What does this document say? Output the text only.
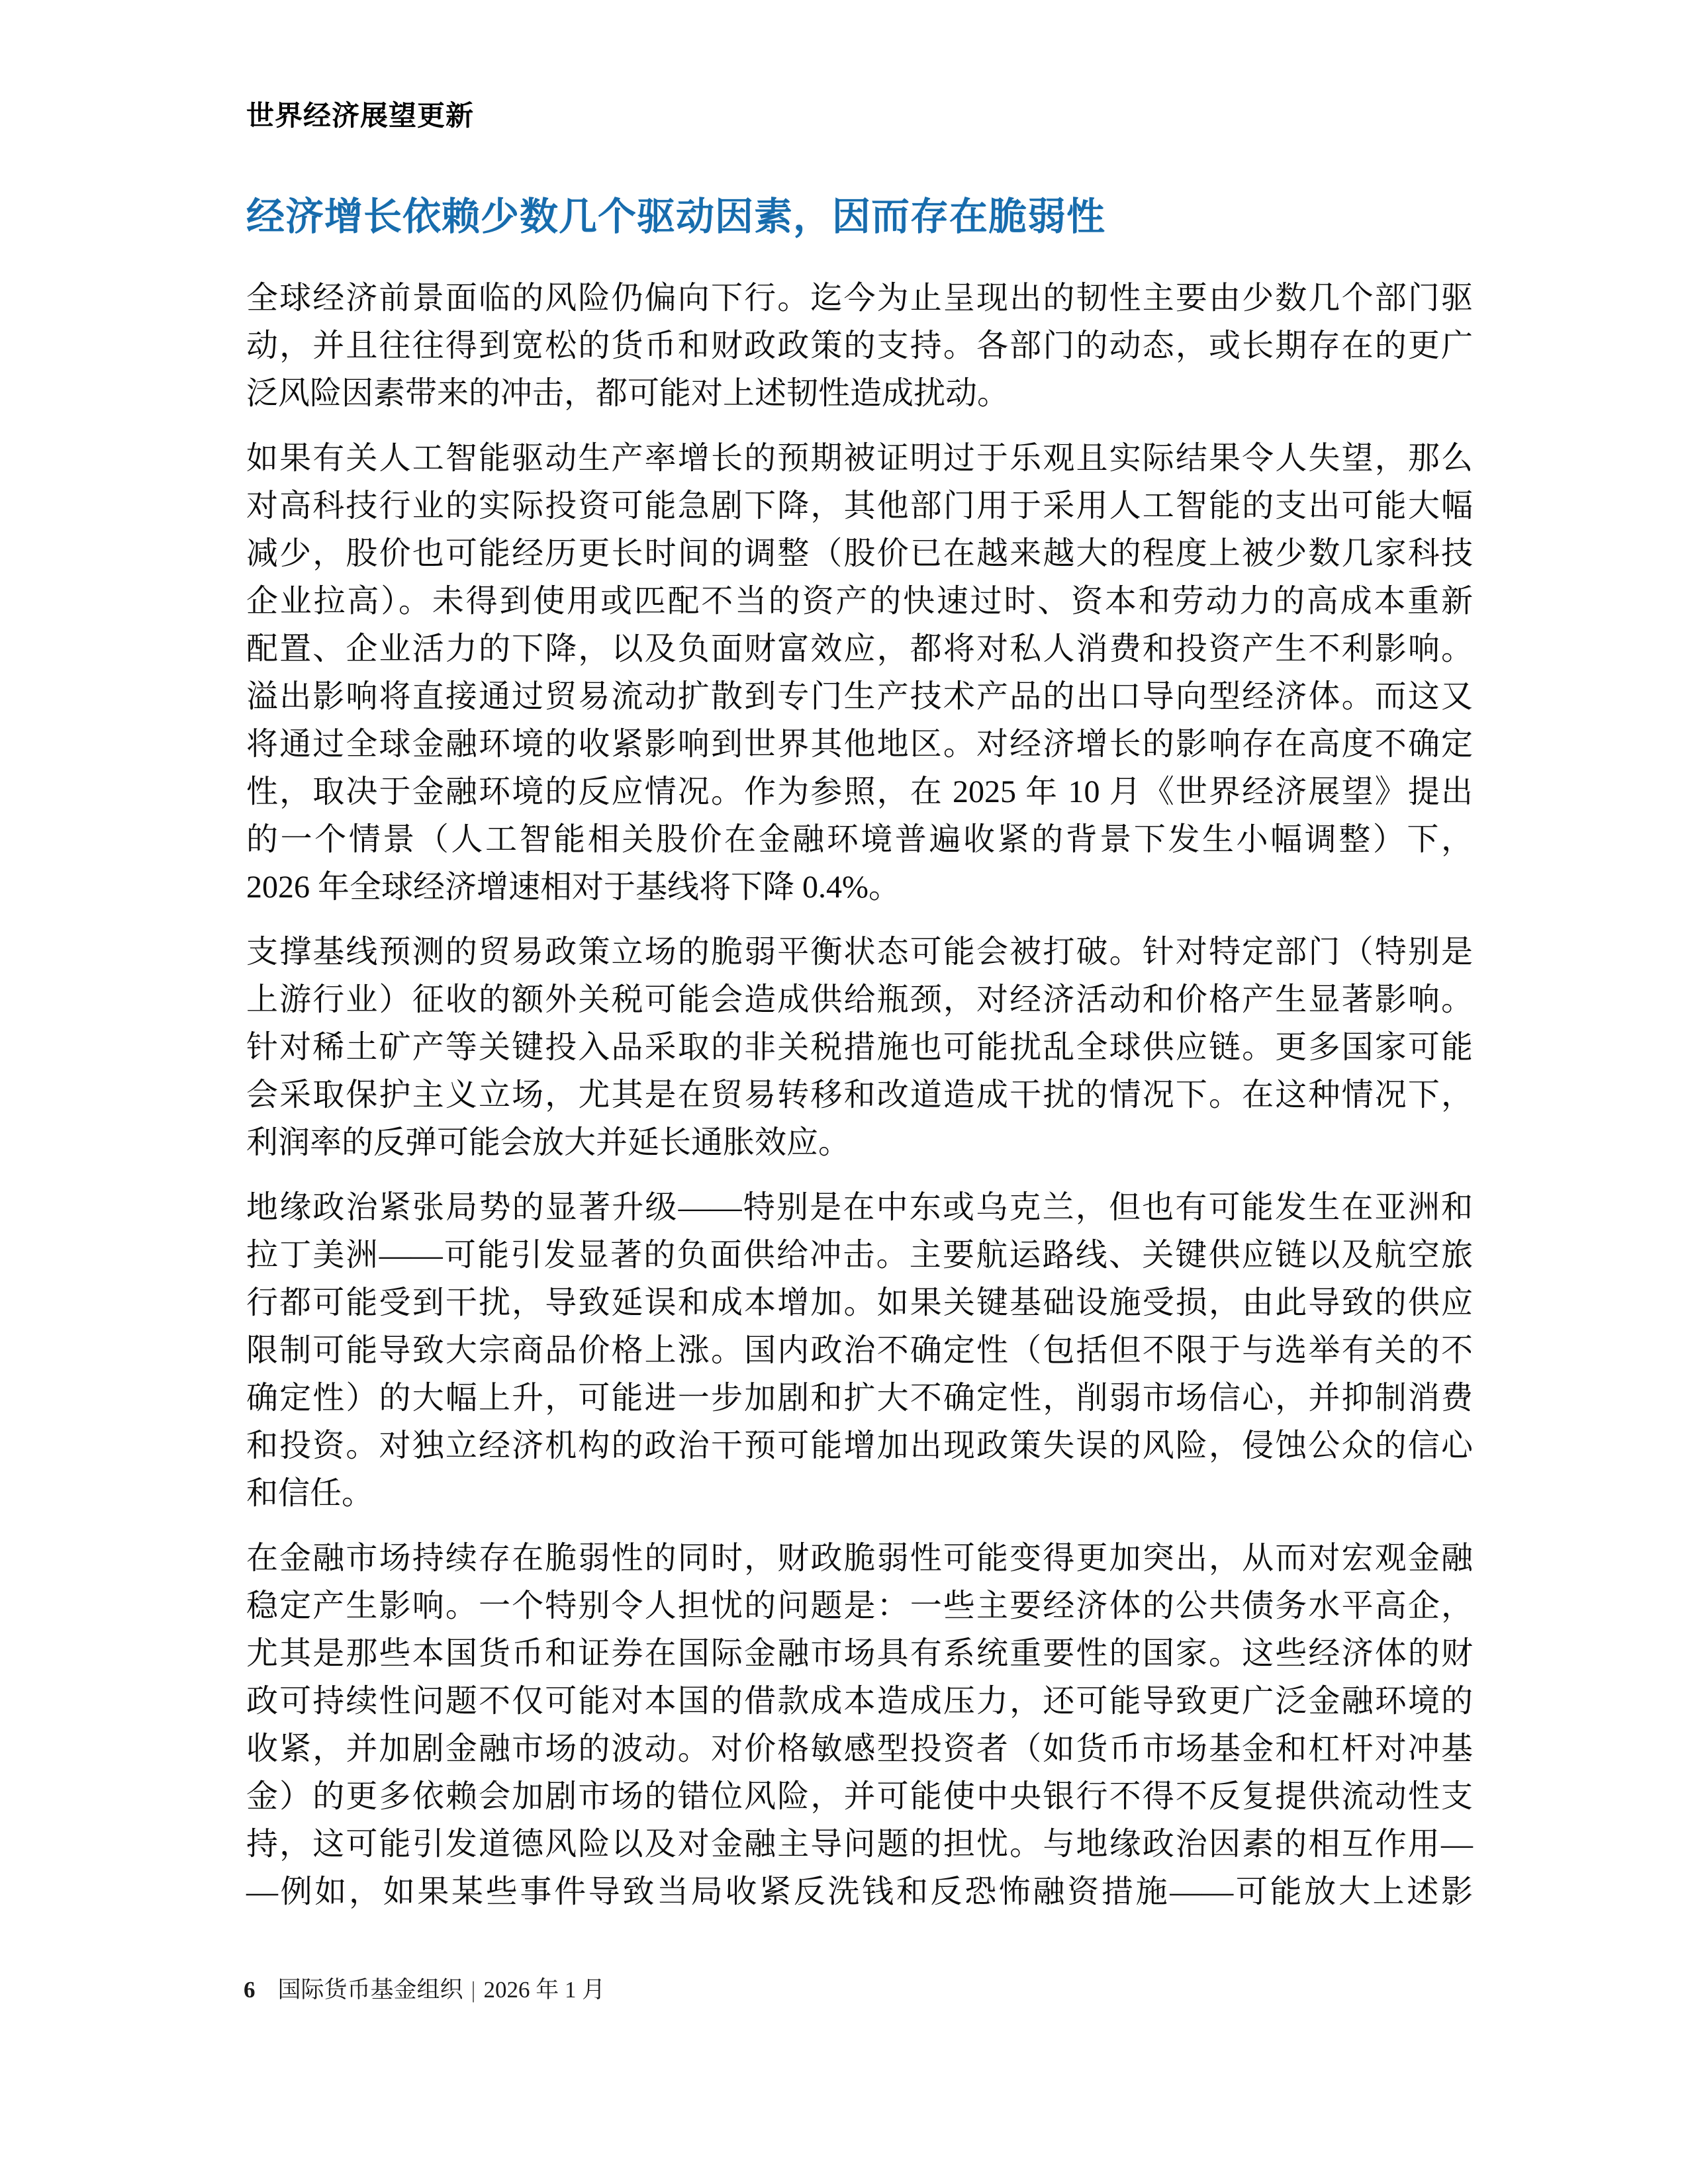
世界经济展望更新
经济增长依赖少数几个驱动因素，因而存在脆弱性
全球经济前景面临的风险仍偏向下行。迄今为止呈现出的韧性主要由少数几个部门驱
动，并且往往得到宽松的货币和财政政策的支持。各部门的动态，或长期存在的更广
泛风险因素带来的冲击，都可能对上述韧性造成扰动。
如果有关人工智能驱动生产率增长的预期被证明过于乐观且实际结果令人失望，那么
对高科技行业的实际投资可能急剧下降，其他部门用于采用人工智能的支出可能大幅
减少，股价也可能经历更长时间的调整（股价已在越来越大的程度上被少数几家科技
企业拉高）。未得到使用或匹配不当的资产的快速过时、资本和劳动力的高成本重新
配置、企业活力的下降，以及负面财富效应，都将对私人消费和投资产生不利影响。
溢出影响将直接通过贸易流动扩散到专门生产技术产品的出口导向型经济体。而这又
将通过全球金融环境的收紧影响到世界其他地区。对经济增长的影响存在高度不确定
性，取决于金融环境的反应情况。作为参照，在 2025 年 10 月《世界经济展望》提出
的一个情景（人工智能相关股价在金融环境普遍收紧的背景下发生小幅调整）下，
2026 年全球经济增速相对于基线将下降 0.4%。
支撑基线预测的贸易政策立场的脆弱平衡状态可能会被打破。针对特定部门（特别是
上游行业）征收的额外关税可能会造成供给瓶颈，对经济活动和价格产生显著影响。
针对稀土矿产等关键投入品采取的非关税措施也可能扰乱全球供应链。更多国家可能
会采取保护主义立场，尤其是在贸易转移和改道造成干扰的情况下。在这种情况下，
利润率的反弹可能会放大并延长通胀效应。
地缘政治紧张局势的显著升级——特别是在中东或乌克兰，但也有可能发生在亚洲和
拉丁美洲——可能引发显著的负面供给冲击。主要航运路线、关键供应链以及航空旅
行都可能受到干扰，导致延误和成本增加。如果关键基础设施受损，由此导致的供应
限制可能导致大宗商品价格上涨。国内政治不确定性（包括但不限于与选举有关的不
确定性）的大幅上升，可能进一步加剧和扩大不确定性，削弱市场信心，并抑制消费
和投资。对独立经济机构的政治干预可能增加出现政策失误的风险，侵蚀公众的信心
和信任。
在金融市场持续存在脆弱性的同时，财政脆弱性可能变得更加突出，从而对宏观金融
稳定产生影响。一个特别令人担忧的问题是：一些主要经济体的公共债务水平高企，
尤其是那些本国货币和证券在国际金融市场具有系统重要性的国家。这些经济体的财
政可持续性问题不仅可能对本国的借款成本造成压力，还可能导致更广泛金融环境的
收紧，并加剧金融市场的波动。对价格敏感型投资者（如货币市场基金和杠杆对冲基
金）的更多依赖会加剧市场的错位风险，并可能使中央银行不得不反复提供流动性支
持，这可能引发道德风险以及对金融主导问题的担忧。与地缘政治因素的相互作用—
—例如，如果某些事件导致当局收紧反洗钱和反恐怖融资措施——可能放大上述影
6 国际货币基金组织 | 2026 年 1 月
